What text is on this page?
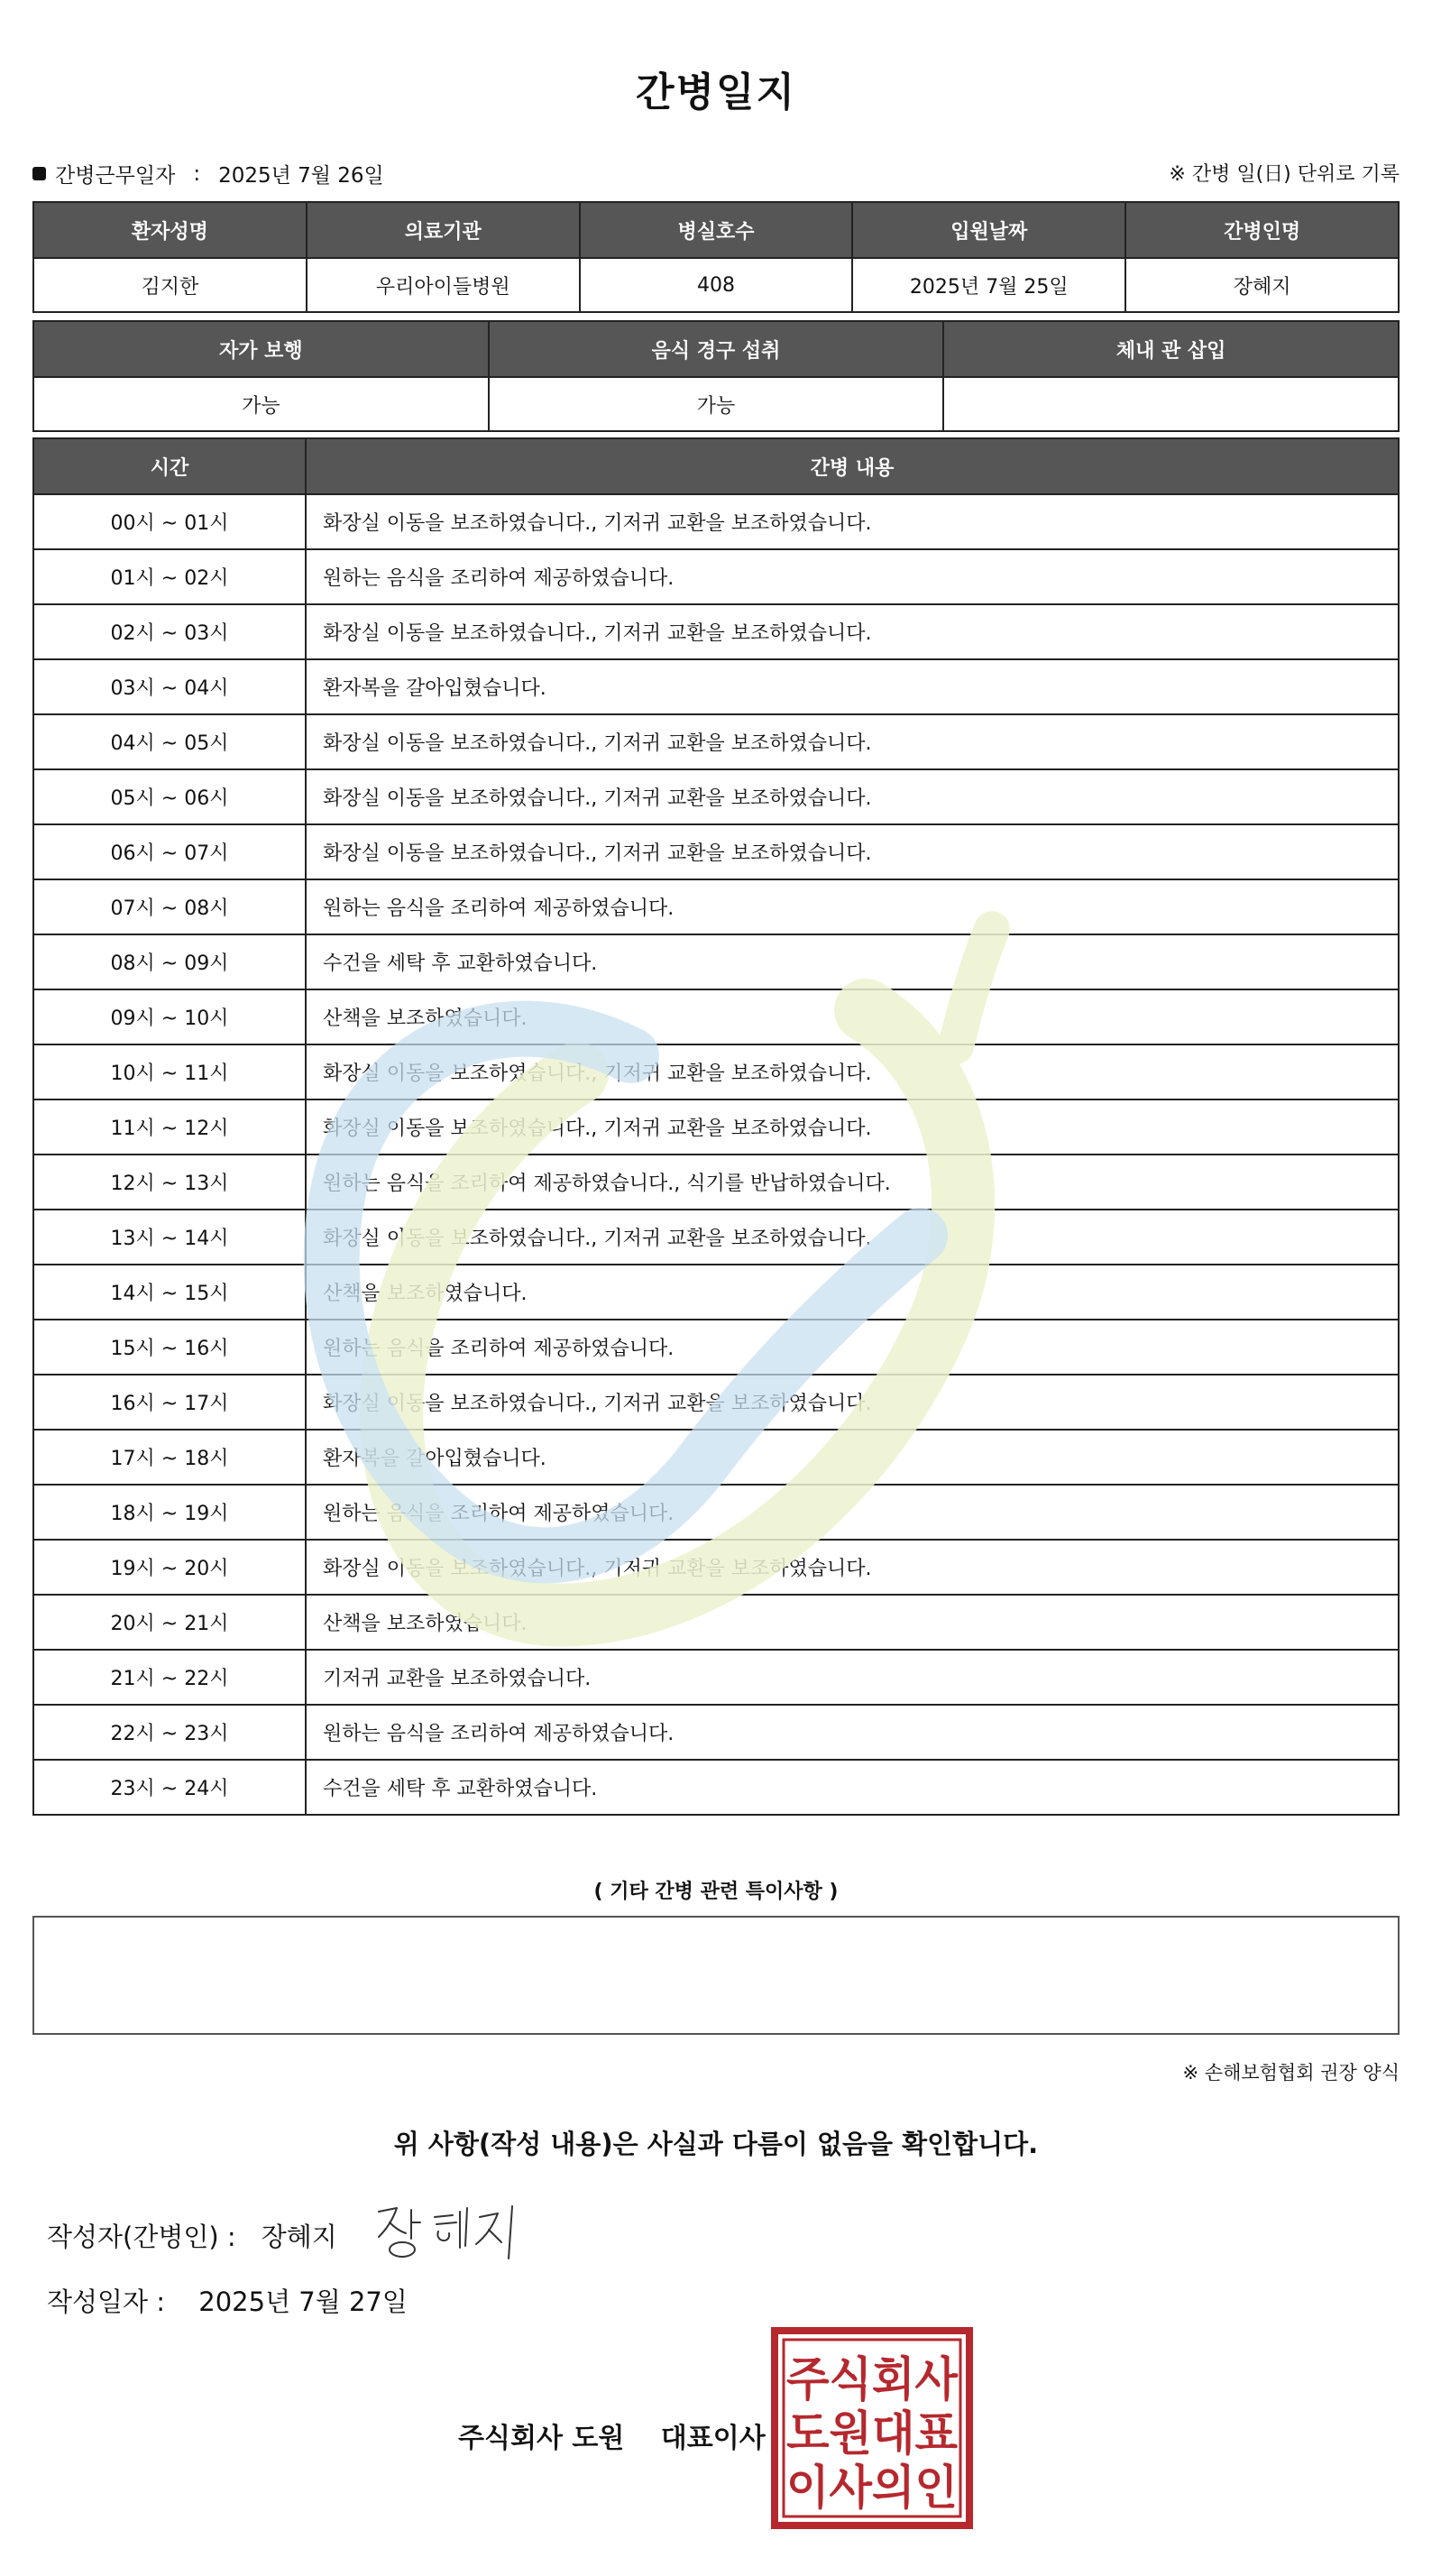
간병일지
간병근무일자 : 2025년 7월 26일	※ 간병 일(日) 단위로 기록
환자성명	의료기관	병실호수	입원날짜	간병인명
김지한	우리아이들병원	408	2025년 7월 25일	장혜지
자가 보행	음식 경구 섭취	체내 관 삽입
가능	가능	
시간	간병 내용
00시 ~ 01시	화장실 이동을 보조하였습니다., 기저귀 교환을 보조하였습니다.
01시 ~ 02시	원하는 음식을 조리하여 제공하였습니다.
02시 ~ 03시	화장실 이동을 보조하였습니다., 기저귀 교환을 보조하였습니다.
03시 ~ 04시	환자복을 갈아입혔습니다.
04시 ~ 05시	화장실 이동을 보조하였습니다., 기저귀 교환을 보조하였습니다.
05시 ~ 06시	화장실 이동을 보조하였습니다., 기저귀 교환을 보조하였습니다.
06시 ~ 07시	화장실 이동을 보조하였습니다., 기저귀 교환을 보조하였습니다.
07시 ~ 08시	원하는 음식을 조리하여 제공하였습니다.
08시 ~ 09시	수건을 세탁 후 교환하였습니다.
09시 ~ 10시	산책을 보조하였습니다.
10시 ~ 11시	화장실 이동을 보조하였습니다., 기저귀 교환을 보조하였습니다.
11시 ~ 12시	화장실 이동을 보조하였습니다., 기저귀 교환을 보조하였습니다.
12시 ~ 13시	원하는 음식을 조리하여 제공하였습니다., 식기를 반납하였습니다.
13시 ~ 14시	화장실 이동을 보조하였습니다., 기저귀 교환을 보조하였습니다.
14시 ~ 15시	산책을 보조하였습니다.
15시 ~ 16시	원하는 음식을 조리하여 제공하였습니다.
16시 ~ 17시	화장실 이동을 보조하였습니다., 기저귀 교환을 보조하였습니다.
17시 ~ 18시	환자복을 갈아입혔습니다.
18시 ~ 19시	원하는 음식을 조리하여 제공하였습니다.
19시 ~ 20시	화장실 이동을 보조하였습니다., 기저귀 교환을 보조하였습니다.
20시 ~ 21시	산책을 보조하였습니다.
21시 ~ 22시	기저귀 교환을 보조하였습니다.
22시 ~ 23시	원하는 음식을 조리하여 제공하였습니다.
23시 ~ 24시	수건을 세탁 후 교환하였습니다.
( 기타 간병 관련 특이사항 )
※ 손해보험협회 권장 양식
위 사항(작성 내용)은 사실과 다름이 없음을 확인합니다.
작성자(간병인) : 장혜지
작성일자 : 2025년 7월 27일
주식회사 도원 대표이사
주식회사
도원대표
이사의인
